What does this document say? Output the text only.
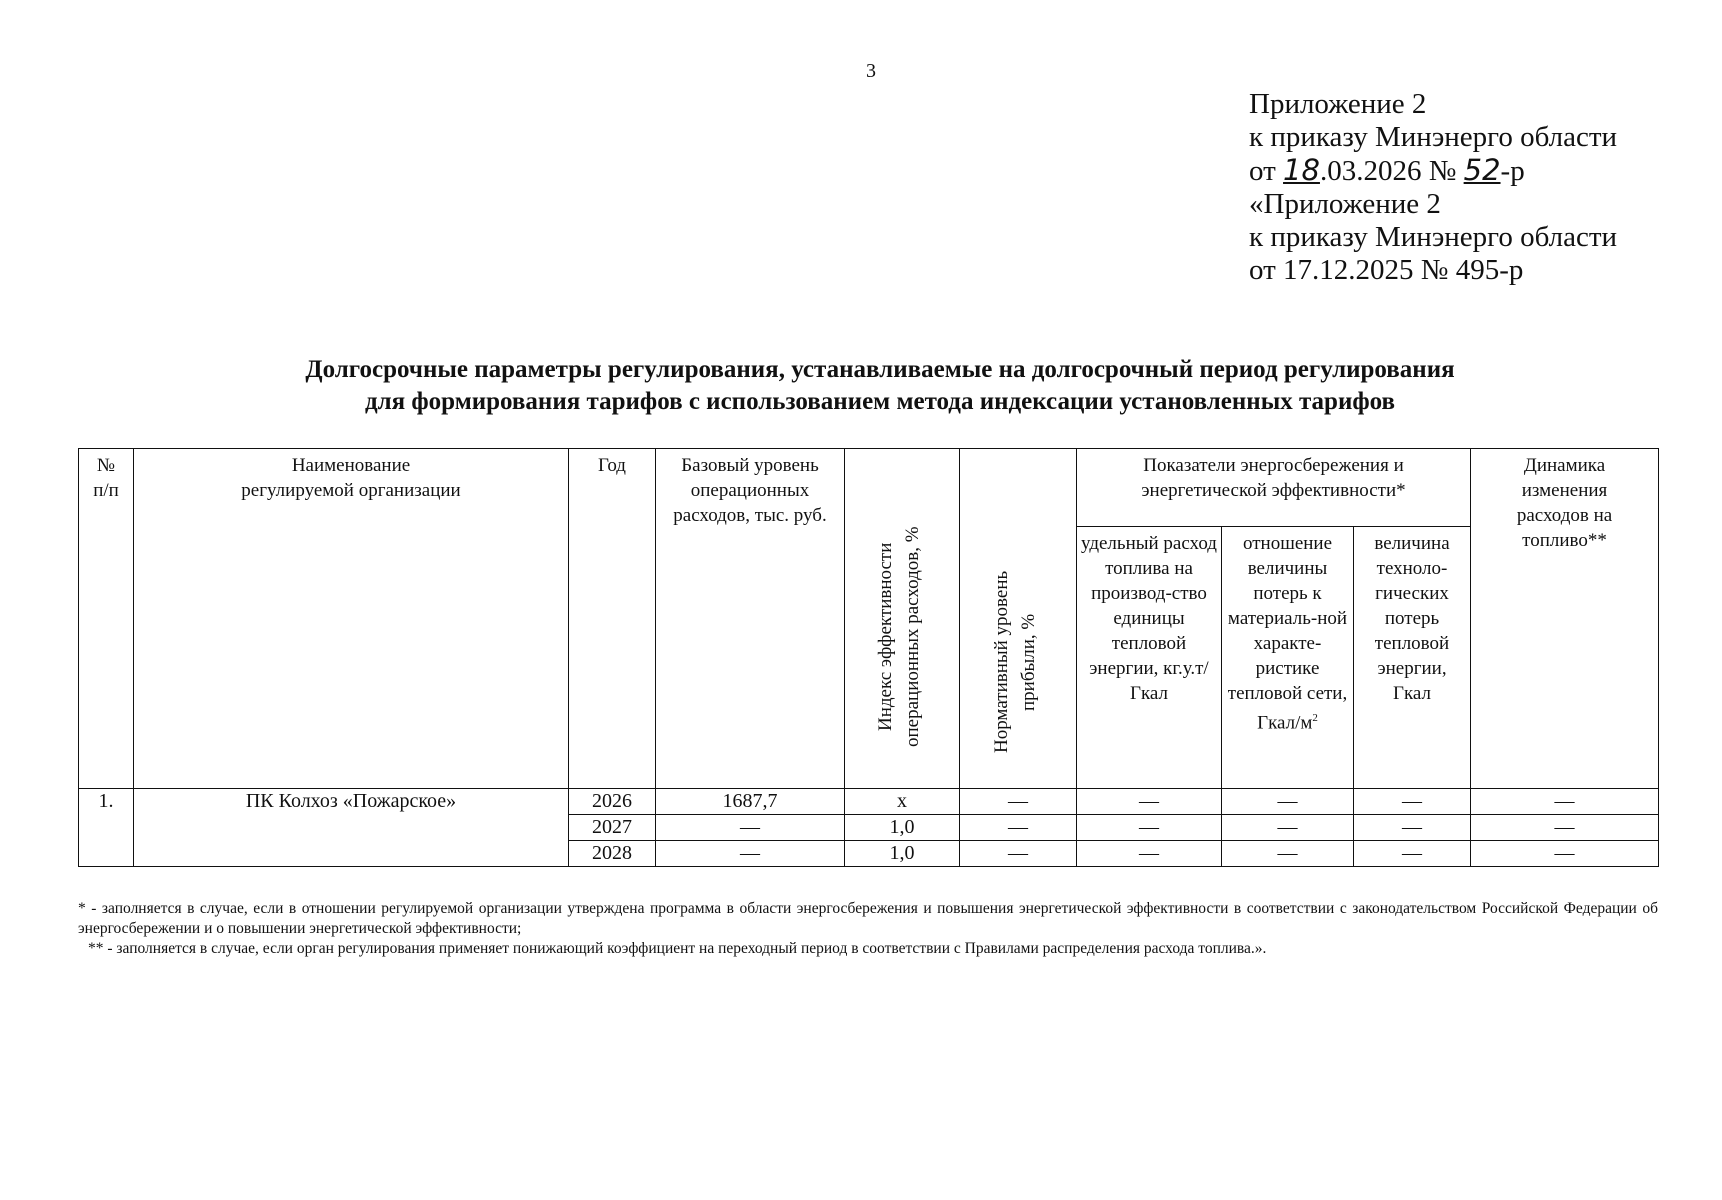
3
Приложение 2
к приказу Минэнерго области
от 18.03.2026 № 52-р
«Приложение 2
к приказу Минэнерго области
от 17.12.2025 № 495-р
Долгосрочные параметры регулирования, устанавливаемые на долгосрочный период регулирования
для формирования тарифов с использованием метода индексации установленных тарифов
№ п/п	Наименование регулируемой организации	Год	Базовый уровень операционных расходов, тыс. руб.	Индекс эффективности операционных расходов, %	Нормативный уровень прибыли, %	Показатели энергосбережения и энергетической эффективности*			Динамика изменения расходов на топливо**

						удельный расход топлива на производ-ство единицы тепловой энергии, кг.у.т/Гкал	отношение величины потерь к материаль-ной характе-ристике тепловой сети, Гкал/$м^2$	величина техноло-гических потерь тепловой энергии, Гкал	

1.	ПК Колхоз «Пожарское»	2026	1687,7	х	—	—	—	—	—
		2027	—	1,0	—	—	—	—	—
		2028	—	1,0	—	—	—	—	—

* - заполняется в случае, если в отношении регулируемой организации утверждена программа в области энергосбережения и повышения энергетической эффективности в соответствии с законодательством Российской Федерации об энергосбережении и о повышении энергетической эффективности;

** - заполняется в случае, если орган регулирования применяет понижающий коэффициент на переходный период в соответствии с Правилами распределения расхода топлива.».
